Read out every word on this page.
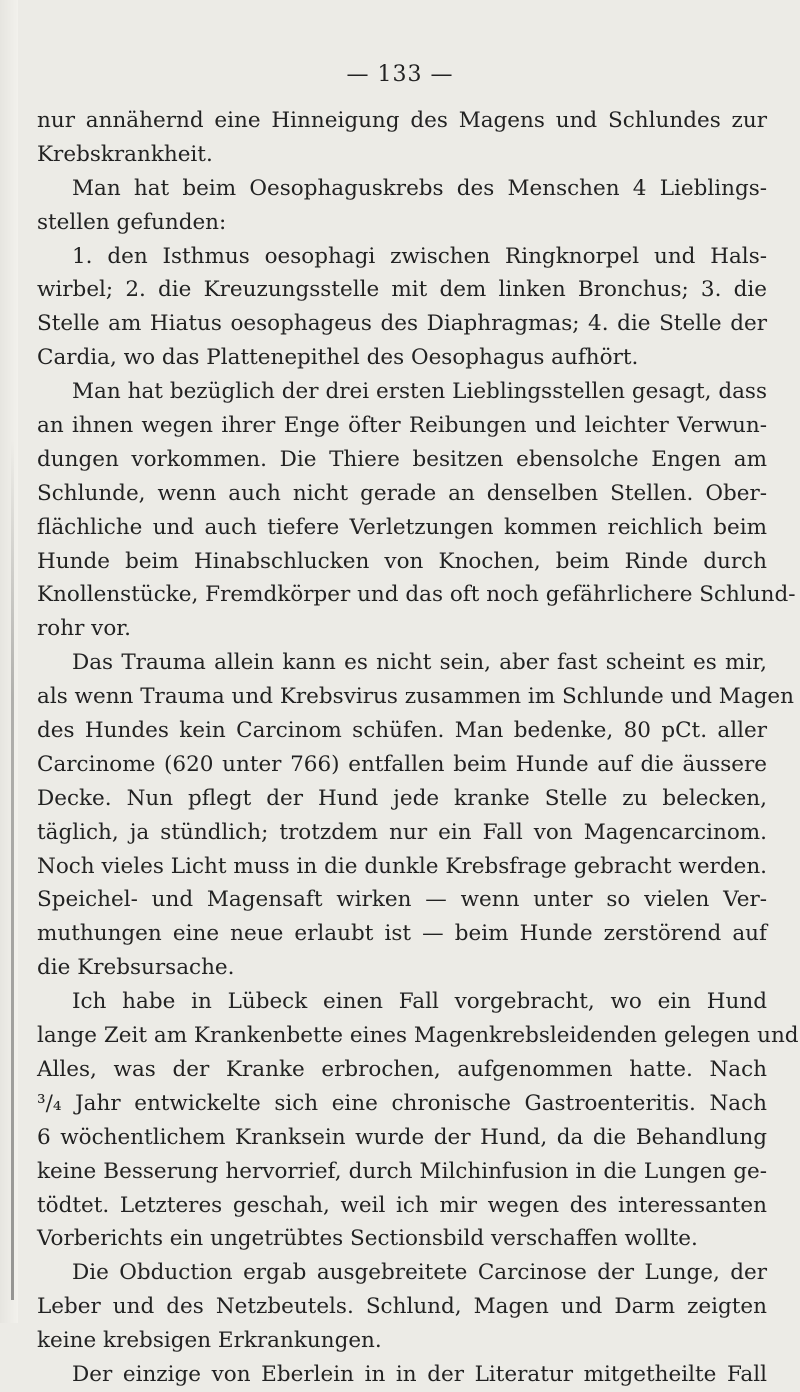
— 133 —
nur annähernd eine Hinneigung des Magens und Schlundes zur
Krebskrankheit.
Man hat beim Oesophaguskrebs des Menschen 4 Lieblings-
stellen gefunden:
1. den Isthmus oesophagi zwischen Ringknorpel und Hals-
wirbel; 2. die Kreuzungsstelle mit dem linken Bronchus; 3. die
Stelle am Hiatus oesophageus des Diaphragmas; 4. die Stelle der
Cardia, wo das Plattenepithel des Oesophagus aufhört.
Man hat bezüglich der drei ersten Lieblingsstellen gesagt, dass
an ihnen wegen ihrer Enge öfter Reibungen und leichter Verwun-
dungen vorkommen. Die Thiere besitzen ebensolche Engen am
Schlunde, wenn auch nicht gerade an denselben Stellen. Ober-
flächliche und auch tiefere Verletzungen kommen reichlich beim
Hunde beim Hinabschlucken von Knochen, beim Rinde durch
Knollenstücke, Fremdkörper und das oft noch gefährlichere Schlund-
rohr vor.
Das Trauma allein kann es nicht sein, aber fast scheint es mir,
als wenn Trauma und Krebsvirus zusammen im Schlunde und Magen
des Hundes kein Carcinom schüfen. Man bedenke, 80 pCt. aller
Carcinome (620 unter 766) entfallen beim Hunde auf die äussere
Decke. Nun pflegt der Hund jede kranke Stelle zu belecken,
täglich, ja stündlich; trotzdem nur ein Fall von Magencarcinom.
Noch vieles Licht muss in die dunkle Krebsfrage gebracht werden.
Speichel- und Magensaft wirken — wenn unter so vielen Ver-
muthungen eine neue erlaubt ist — beim Hunde zerstörend auf
die Krebsursache.
Ich habe in Lübeck einen Fall vorgebracht, wo ein Hund
lange Zeit am Krankenbette eines Magenkrebsleidenden gelegen und
Alles, was der Kranke erbrochen, aufgenommen hatte. Nach
³/₄ Jahr entwickelte sich eine chronische Gastroenteritis. Nach
6 wöchentlichem Kranksein wurde der Hund, da die Behandlung
keine Besserung hervorrief, durch Milchinfusion in die Lungen ge-
tödtet. Letzteres geschah, weil ich mir wegen des interessanten
Vorberichts ein ungetrübtes Sectionsbild verschaffen wollte.
Die Obduction ergab ausgebreitete Carcinose der Lunge, der
Leber und des Netzbeutels. Schlund, Magen und Darm zeigten
keine krebsigen Erkrankungen.
Der einzige von Eberlein in in der Literatur mitgetheilte Fall
